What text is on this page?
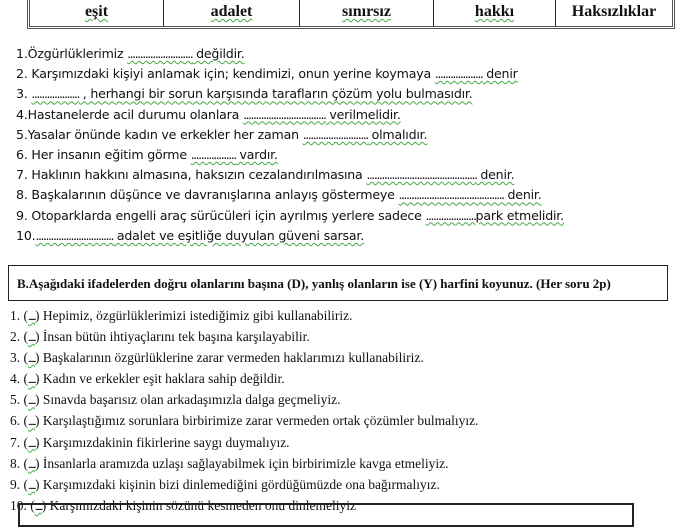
eşit	adalet	sınırsız	hakkı	Haksızlıklar
1.Özgürlüklerimiz .......................... değildir.
2. Karşımızdaki kişiyi anlamak için; kendimizi, onun yerine koymaya ................... denir
3. ................... , herhangi bir sorun karşısında tarafların çözüm yolu bulmasıdır.
4.Hastanelerde acil durumu olanlara ................................. verilmelidir.
5.Yasalar önünde kadın ve erkekler her zaman .......................... olmalıdır.
6. Her insanın eğitim görme .................. vardır.
7. Haklının hakkını almasına, haksızın cezalandırılmasına ............................................ denir.
8. Başkalarının düşünce ve davranışlarına anlayış göstermeye .......................................... denir.
9. Otoparklarda engelli araç sürücüleri için ayrılmış yerlere sadece ....................park etmelidir.
10................................ adalet ve eşitliğe duyulan güveni sarsar.
B.Aşağıdaki ifadelerden doğru olanlarını başına (D), yanlış olanların ise (Y) harfini koyunuz. (Her soru 2p)
1. (.......) Hepimiz, özgürlüklerimizi istediğimiz gibi kullanabiliriz.
2. (.......) İnsan bütün ihtiyaçlarını tek başına karşılayabilir.
3. (.......) Başkalarının özgürlüklerine zarar vermeden haklarımızı kullanabiliriz.
4. (.......) Kadın ve erkekler eşit haklara sahip değildir.
5. (.......) Sınavda başarısız olan arkadaşımızla dalga geçmeliyiz.
6. (.......) Karşılaştığımız sorunlara birbirimize zarar vermeden ortak çözümler bulmalıyız.
7. (.......) Karşımızdakinin fikirlerine saygı duymalıyız.
8. (.......) İnsanlarla aramızda uzlaşı sağlayabilmek için birbirimizle kavga etmeliyiz.
9. (.......) Karşımızdaki kişinin bizi dinlemediğini gördüğümüzde ona bağırmalıyız.
10. (.......) Karşımızdaki kişinin sözünü kesmeden onu dinlemeliyiz
